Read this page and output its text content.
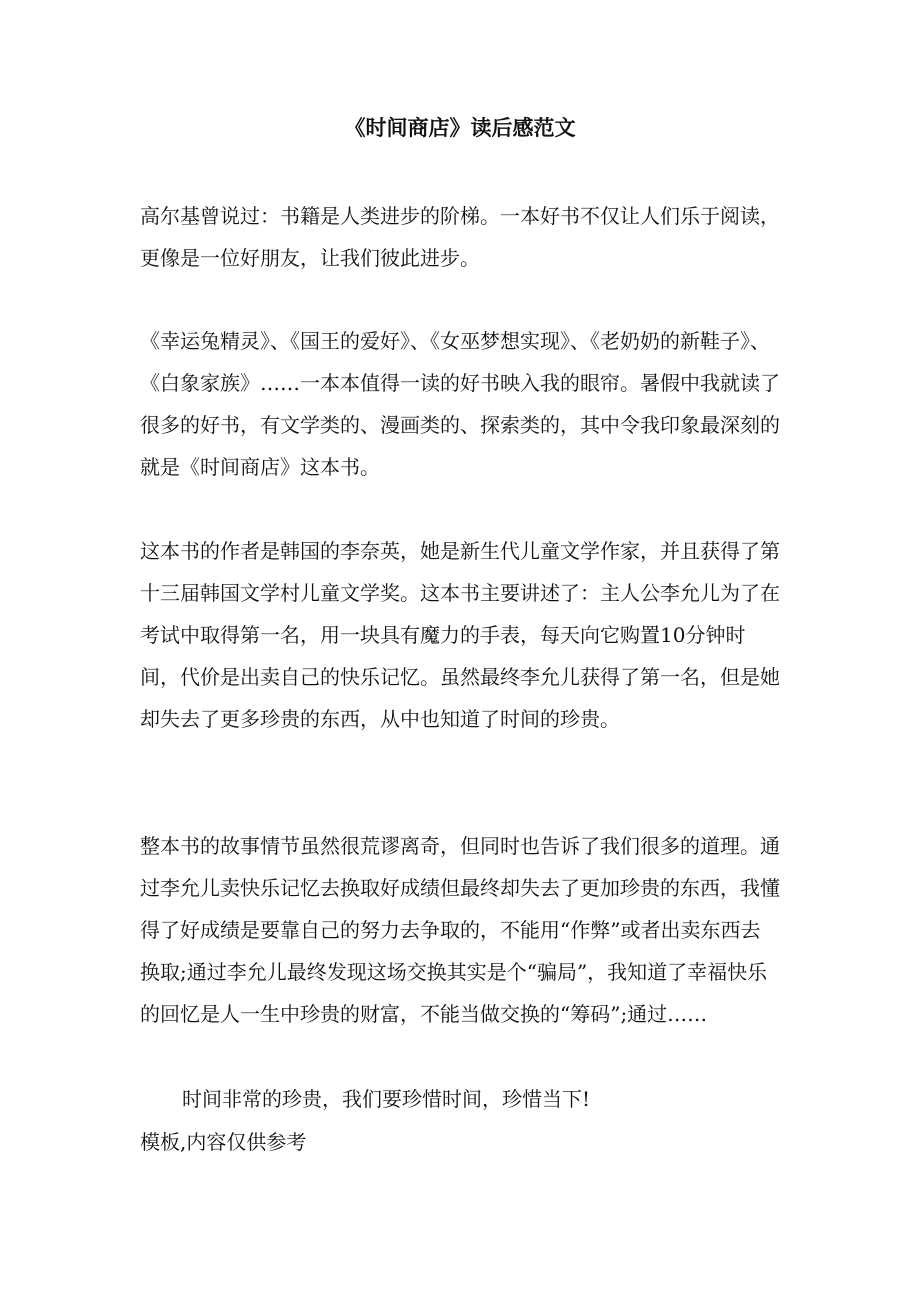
《时间商店》读后感范文

高尔基曾说过：书籍是人类进步的阶梯。一本好书不仅让人们乐于阅读，更像是一位好朋友，让我们彼此进步。

《幸运兔精灵》、《国王的爱好》、《女巫梦想实现》、《老奶奶的新鞋子》、《白象家族》……一本本值得一读的好书映入我的眼帘。暑假中我就读了很多的好书，有文学类的、漫画类的、探索类的，其中令我印象最深刻的就是《时间商店》这本书。

这本书的作者是韩国的李奈英，她是新生代儿童文学作家，并且获得了第十三届韩国文学村儿童文学奖。这本书主要讲述了：主人公李允儿为了在考试中取得第一名，用一块具有魔力的手表，每天向它购置10分钟时间，代价是出卖自己的快乐记忆。虽然最终李允儿获得了第一名，但是她却失去了更多珍贵的东西，从中也知道了时间的珍贵。

整本书的故事情节虽然很荒谬离奇，但同时也告诉了我们很多的道理。通过李允儿卖快乐记忆去换取好成绩但最终却失去了更加珍贵的东西，我懂得了好成绩是要靠自己的努力去争取的，不能用“作弊”或者出卖东西去换取;通过李允儿最终发现这场交换其实是个“骗局”，我知道了幸福快乐的回忆是人一生中珍贵的财富，不能当做交换的“筹码”;通过……

时间非常的珍贵，我们要珍惜时间，珍惜当下!

模板,内容仅供参考
